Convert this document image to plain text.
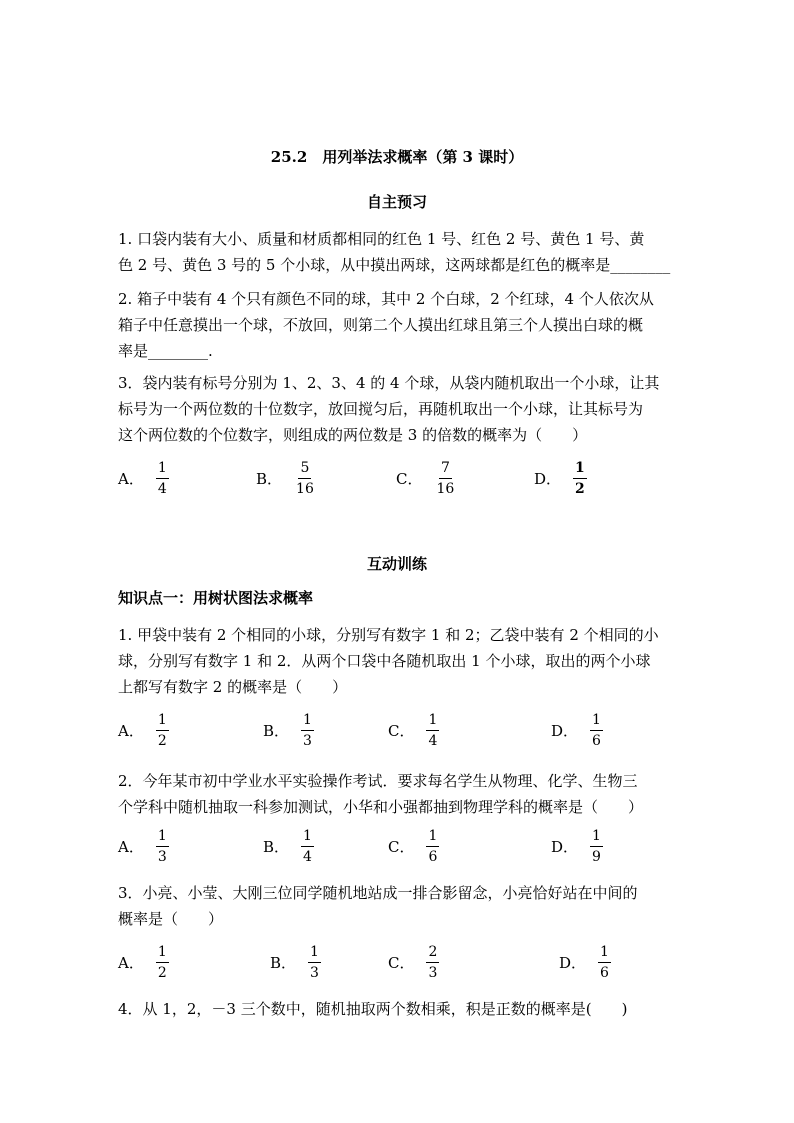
25.2　用列举法求概率（第 3 课时）
自主预习
1. 口袋内装有大小、质量和材质都相同的红色 1 号、红色 2 号、黄色 1 号、黄
色 2 号、黄色 3 号的 5 个小球，从中摸出两球，这两球都是红色的概率是________
2. 箱子中装有 4 个只有颜色不同的球，其中 2 个白球，2 个红球，4 个人依次从
箱子中任意摸出一个球，不放回，则第二个人摸出红球且第三个人摸出白球的概
率是________.
3．袋内装有标号分别为 1、2、3、4 的 4 个球，从袋内随机取出一个小球，让其
标号为一个两位数的十位数字，放回搅匀后，再随机取出一个小球，让其标号为
这个两位数的个位数字，则组成的两位数是 3 的倍数的概率为（　　）
A． $\frac{1}{4}$	B． $\frac{5}{16}$	C． $\frac{7}{16}$	D． $\frac{1}{2}$
互动训练
知识点一：用树状图法求概率
1. 甲袋中装有 2 个相同的小球，分别写有数字 1 和 2；乙袋中装有 2 个相同的小
球，分别写有数字 1 和 2．从两个口袋中各随机取出 1 个小球，取出的两个小球
上都写有数字 2 的概率是（　　）
A． $\frac{1}{2}$	B． $\frac{1}{3}$	C． $\frac{1}{4}$	D． $\frac{1}{6}$
2．今年某市初中学业水平实验操作考试．要求每名学生从物理、化学、生物三
个学科中随机抽取一科参加测试，小华和小强都抽到物理学科的概率是（　　）
A． $\frac{1}{3}$	B． $\frac{1}{4}$	C． $\frac{1}{6}$	D． $\frac{1}{9}$
3．小亮、小莹、大刚三位同学随机地站成一排合影留念，小亮恰好站在中间的
概率是（　　）
A． $\frac{1}{2}$	B． $\frac{1}{3}$	C． $\frac{2}{3}$	D． $\frac{1}{6}$
4．从 1，2，－3 三个数中，随机抽取两个数相乘，积是正数的概率是(　　)
